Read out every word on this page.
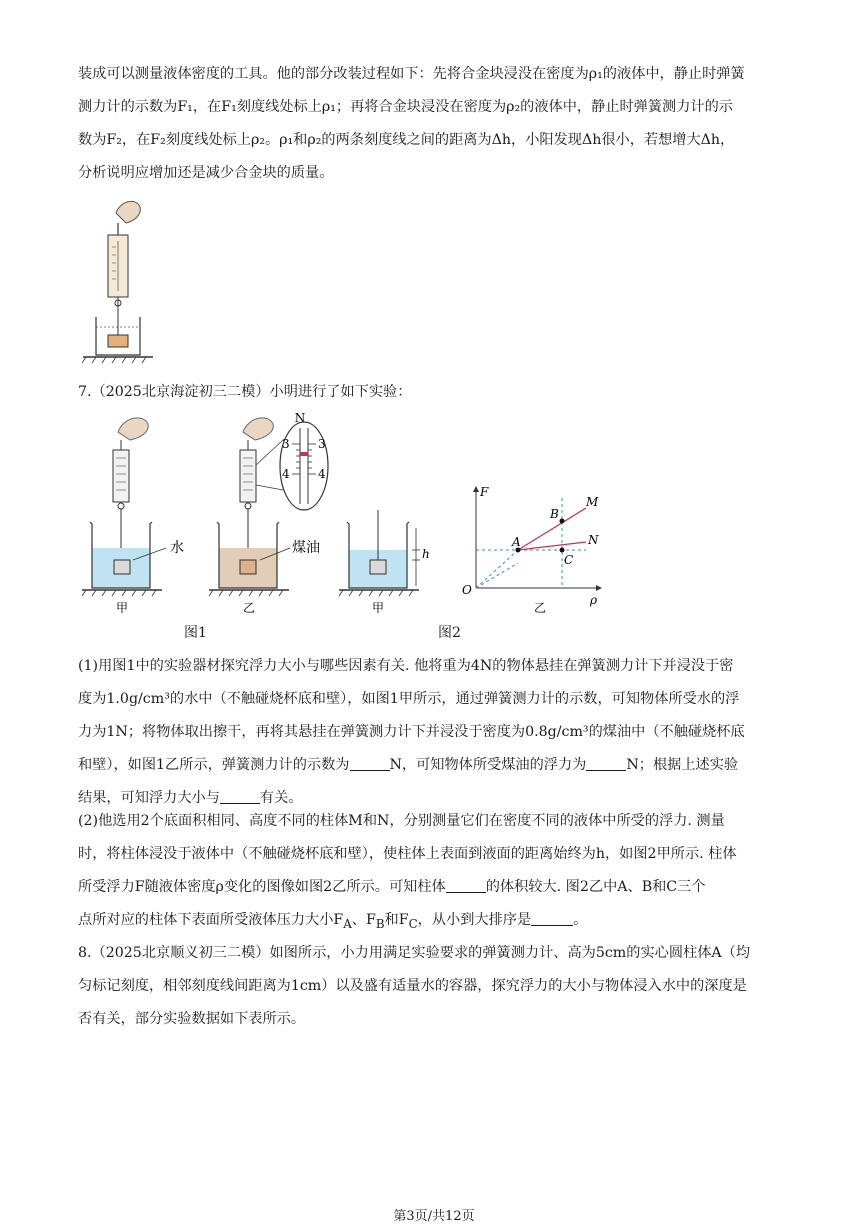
装成可以测量液体密度的工具。他的部分改装过程如下：先将合金块浸没在密度为ρ₁的液体中，静止时弹簧
测力计的示数为F₁，在F₁刻度线处标上ρ₁；再将合金块浸没在密度为ρ₂的液体中，静止时弹簧测力计的示
数为F₂，在F₂刻度线处标上ρ₂。ρ₁和ρ₂的两条刻度线之间的距离为Δh，小阳发现Δh很小，若想增大Δh，
分析说明应增加还是减少合金块的质量。
7.（2025北京海淀初三二模）小明进行了如下实验：
水
甲
N
3 3
4 4
煤油
乙
h
甲
F
ρ
O
A
B
C
M
N
乙
图1	图2
(1)用图1中的实验器材探究浮力大小与哪些因素有关. 他将重为4N的物体悬挂在弹簧测力计下并浸没于密
度为1.0g/cm³的水中（不触碰烧杯底和壁），如图1甲所示，通过弹簧测力计的示数，可知物体所受水的浮
力为1N；将物体取出擦干，再将其悬挂在弹簧测力计下并浸没于密度为0.8g/cm³的煤油中（不触碰烧杯底
和壁），如图1乙所示，弹簧测力计的示数为	N，可知物体所受煤油的浮力为	N；根据上述实验
结果，可知浮力大小与	有关。
(2)他选用2个底面积相同、高度不同的柱体M和N，分别测量它们在密度不同的液体中所受的浮力. 测量
时，将柱体浸没于液体中（不触碰烧杯底和壁），使柱体上表面到液面的距离始终为h，如图2甲所示. 柱体
所受浮力F随液体密度ρ变化的图像如图2乙所示。可知柱体	的体积较大. 图2乙中A、B和C三个
点所对应的柱体下表面所受液体压力大小$F_A$、$F_B$和$F_C$，从小到大排序是	。
8.（2025北京顺义初三二模）如图所示，小力用满足实验要求的弹簧测力计、高为5cm的实心圆柱体A（均
匀标记刻度，相邻刻度线间距离为1cm）以及盛有适量水的容器，探究浮力的大小与物体浸入水中的深度是
否有关，部分实验数据如下表所示。
第3页/共12页
